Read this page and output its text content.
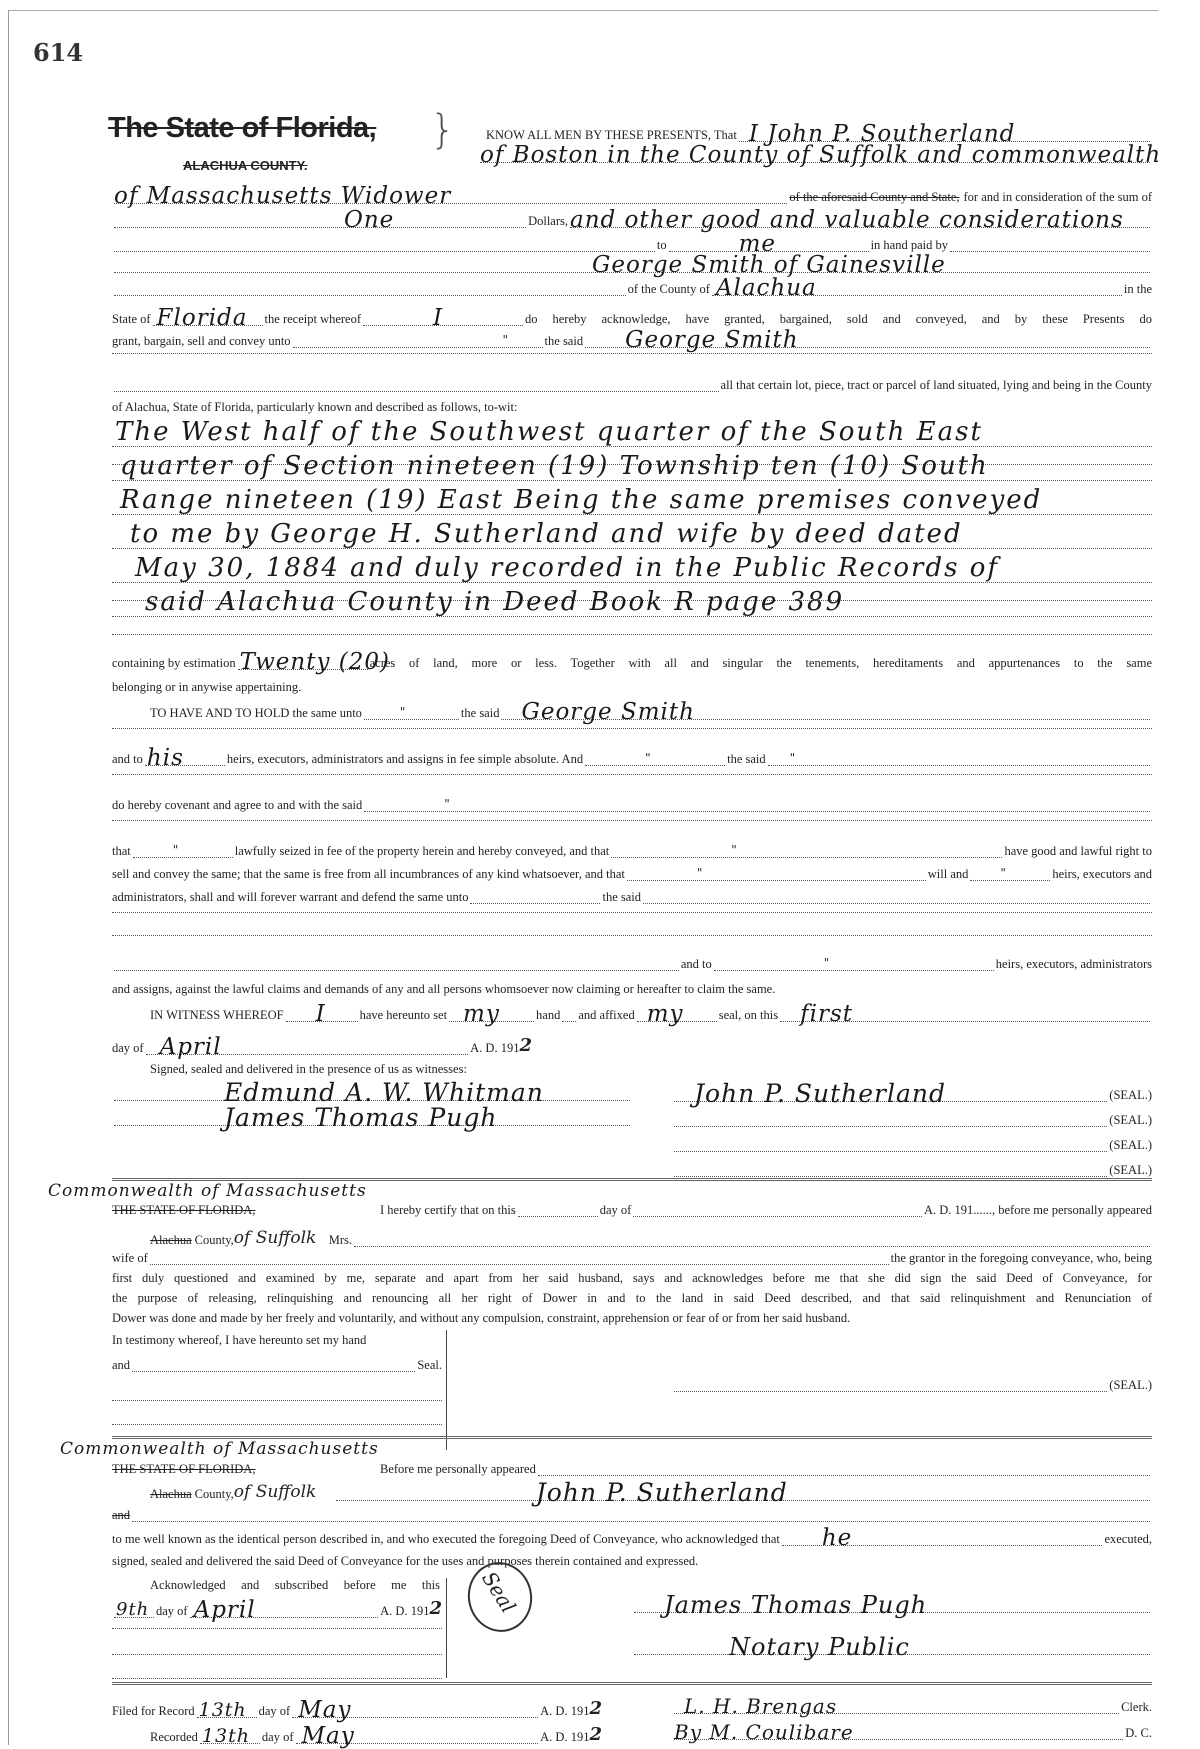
614
The State of Florida,
ALACHUA COUNTY.
} KNOW ALL MEN BY THESE PRESENTS, That I John P. Southerland
of Boston in the County of Suffolk and commonwealth
of Massachusetts Widower	of the aforesaid County and State, for and in consideration of the sum of
One	Dollars, and other good and valuable considerations
to	me	in hand paid by
George Smith of Gainesville
of the County of Alachua	in the
State of Florida the receipt whereof	I	do hereby acknowledge, have granted, bargained, sold and conveyed, and by these Presents do
grant, bargain, sell and convey unto	"	the said George Smith
all that certain lot, piece, tract or parcel of land situated, lying and being in the County
of Alachua, State of Florida, particularly known and described as follows, to-wit:
The West half of the Southwest quarter of the South East
quarter of Section nineteen (19) Township ten (10) South
Range nineteen (19) East Being the same premises conveyed
to me by George H. Sutherland and wife by deed dated
May 30, 1884 and duly recorded in the Public Records of
said Alachua County in Deed Book R page 389
containing by estimation Twenty (20)
acres of land, more or less. Together with all and singular the tenements, hereditaments and appurtenances to the same
belonging or in anywise appertaining.
TO HAVE AND TO HOLD the same unto	"	the said George Smith
and to his	heirs, executors, administrators and assigns in fee simple absolute. And	"	the said "
do hereby covenant and agree to and with the said	"
that	"	lawfully seized in fee of the property herein and hereby conveyed, and that	"	have good and lawful right to
sell and convey the same; that the same is free from all incumbrances of any kind whatsoever, and that	"	will and	"	heirs, executors and
administrators, shall and will forever warrant and defend the same unto	the said
and to	"	heirs, executors, administrators
and assigns, against the lawful claims and demands of any and all persons whomsoever now claiming or hereafter to claim the same.
IN WITNESS WHEREOF I	have hereunto set my	hand and affixed my	seal, on this first
day of April	A. D. 191 2
Signed, sealed and delivered in the presence of us as witnesses:
Edmund A. W. Whitman
James Thomas Pugh
John P. Sutherland	(SEAL.)
(SEAL.)
(SEAL.)
(SEAL.)
Commonwealth of Massachusetts
THE STATE OF FLORIDA,	I hereby certify that on this	day of	A. D. 191......, before me personally appeared
Alachua County, of Suffolk Mrs.
wife of	the grantor in the foregoing conveyance, who, being
first duly questioned and examined by me, separate and apart from her said husband, says and acknowledges before me that she did sign the said Deed of Conveyance, for
the purpose of releasing, relinquishing and renouncing all her right of Dower in and to the land in said Deed described, and that said relinquishment and Renunciation of
Dower was done and made by her freely and voluntarily, and without any compulsion, constraint, apprehension or fear of or from her said husband.
In testimony whereof, I have hereunto set my hand
and	Seal.
(SEAL.)
Commonwealth of Massachusetts
THE STATE OF FLORIDA,	Before me personally appeared
Alachua County, of Suffolk	John P. Sutherland
and
to me well known as the identical person described in, and who executed the foregoing Deed of Conveyance, who acknowledged that he	executed,
signed, sealed and delivered the said Deed of Conveyance for the uses and purposes therein contained and expressed.
Acknowledged and subscribed before me this
9th day of April	A. D. 191 2 Seal	James Thomas Pugh
Notary Public
Filed for Record 13th day of May	A. D. 191 2
Recorded 13th day of May	A. D. 191 2
L. H. Brengas	Clerk.
By M. Coulibare	D. C.
